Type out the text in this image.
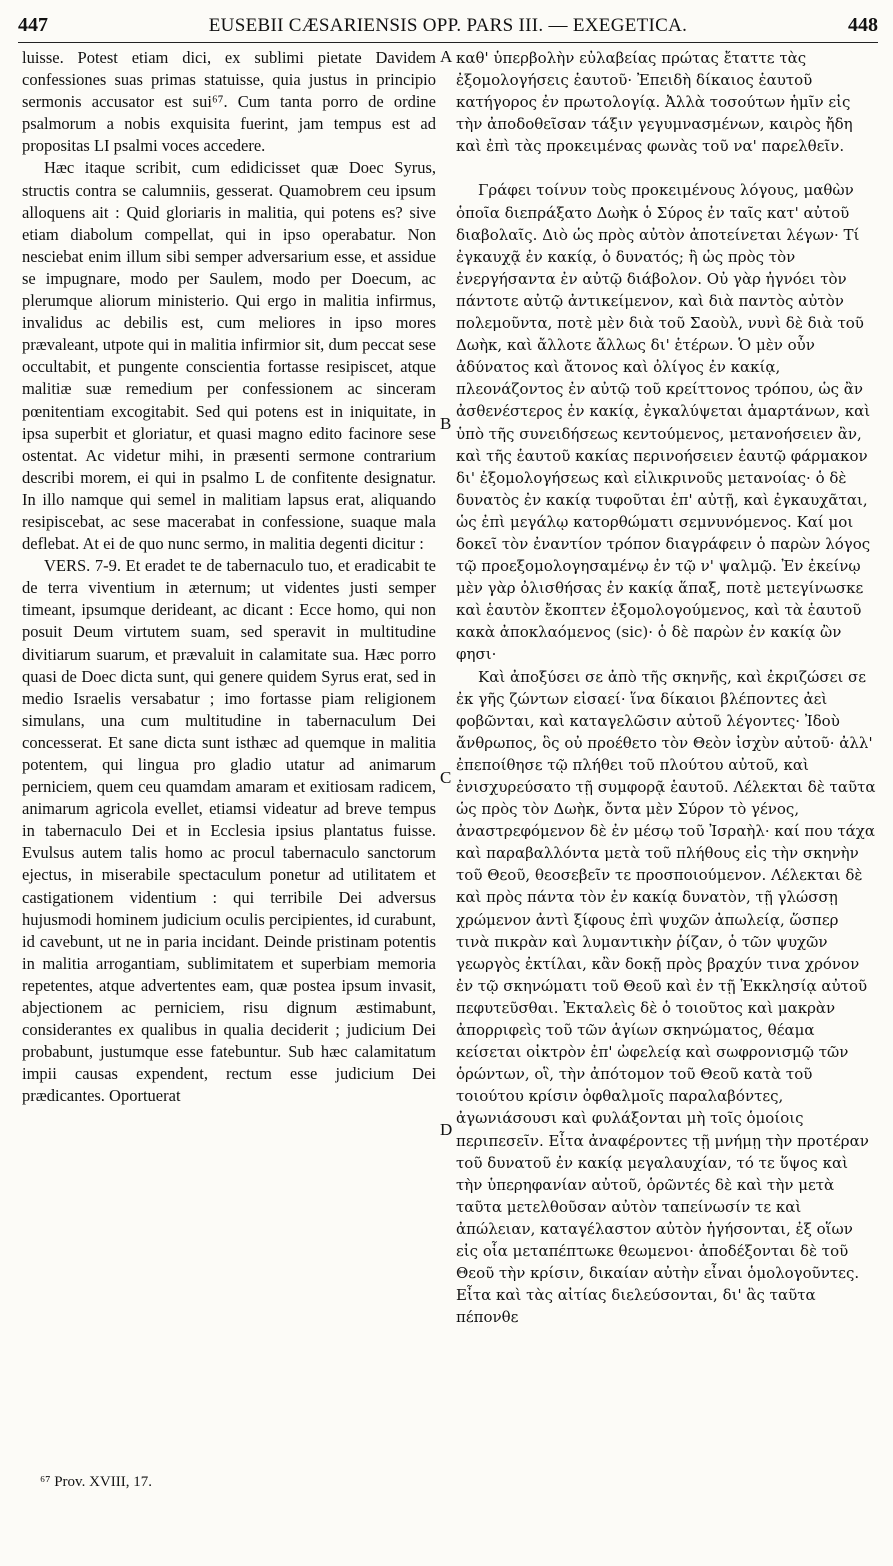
447	EUSEBII CÆSARIENSIS OPP. PARS III. — EXEGETICA.	448

luisse. Potest etiam dici, ex sublimi pietate Davidem confessiones suas primas statuisse, quia justus in principio sermonis accusator est sui⁶⁷. Cum tanta porro de ordine psalmorum a nobis exquisita fuerint, jam tempus est ad propositas LI psalmi voces accedere.

Hæc itaque scribit, cum edidicisset quæ Doec Syrus, structis contra se calumniis, gesserat. Quamobrem ceu ipsum alloquens ait : Quid gloriaris in malitia, qui potens es? sive etiam diabolum compellat, qui in ipso operabatur. Non nesciebat enim illum sibi semper adversarium esse, et assidue se impugnare, modo per Saulem, modo per Doecum, ac plerumque aliorum ministerio. Qui ergo in malitia infirmus, invalidus ac debilis est, cum meliores in ipso mores prævaleant, utpote qui in malitia infirmior sit, dum peccat sese occultabit, et pungente conscientia fortasse resipiscet, atque malitiæ suæ remedium per confessionem ac sinceram pœnitentiam excogitabit. Sed qui potens est in iniquitate, in ipsa superbit et gloriatur, et quasi magno edito facinore sese ostentat. Ac videtur mihi, in præsenti sermone contrarium describi morem, ei qui in psalmo L de confitente designatur. In illo namque qui semel in malitiam lapsus erat, aliquando resipiscebat, ac sese macerabat in confessione, suaque mala deflebat. At ei de quo nunc sermo, in malitia degenti dicitur :

VERS. 7-9. Et eradet te de tabernaculo tuo, et eradicabit te de terra viventium in æternum; ut videntes justi semper timeant, ipsumque derideant, ac dicant : Ecce homo, qui non posuit Deum virtutem suam, sed speravit in multitudine divitiarum suarum, et prævaluit in calamitate sua. Hæc porro quasi de Doec dicta sunt, qui genere quidem Syrus erat, sed in medio Israelis versabatur ; imo fortasse piam religionem simulans, una cum multitudine in tabernaculum Dei concesserat. Et sane dicta sunt isthæc ad quemque in malitia potentem, qui lingua pro gladio utatur ad animarum perniciem, quem ceu quamdam amaram et exitiosam radicem, animarum agricola evellet, etiamsi videatur ad breve tempus in tabernaculo Dei et in Ecclesia ipsius plantatus fuisse. Evulsus autem talis homo ac procul tabernaculo sanctorum ejectus, in miserabile spectaculum ponetur ad utilitatem et castigationem videntium : qui terribile Dei adversus hujusmodi hominem judicium oculis percipientes, id curabunt, id cavebunt, ut ne in paria incidant. Deinde pristinam potentis in malitia arrogantiam, sublimitatem et superbiam memoria repetentes, atque advertentes eam, quæ postea ipsum invasit, abjectionem ac perniciem, risu dignum æstimabunt, considerantes ex qualibus in qualia deciderit ; judicium Dei probabunt, justumque esse fatebuntur. Sub hæc calamitatum impii causas expendent, rectum esse judicium Dei prædicantes. Oportuerat

A
B
C
D

καθ' ὑπερβολὴν εὐλαβείας πρώτας ἔταττε τὰς ἐξομολογήσεις ἑαυτοῦ· Ἐπειδὴ δίκαιος ἑαυτοῦ κατήγορος ἐν πρωτολογίᾳ. Ἀλλὰ τοσούτων ἡμῖν εἰς τὴν ἀποδοθεῖσαν τάξιν γεγυμνασμένων, καιρὸς ἤδη καὶ ἐπὶ τὰς προκειμένας φωνὰς τοῦ να' παρελθεῖν.

Γράφει τοίνυν τοὺς προκειμένους λόγους, μαθὼν ὁποῖα διεπράξατο Δωὴκ ὁ Σύρος ἐν ταῖς κατ' αὐτοῦ διαβολαῖς. Διὸ ὡς πρὸς αὐτὸν ἀποτείνεται λέγων· Τί ἐγκαυχᾷ ἐν κακίᾳ, ὁ δυνατός; ἢ ὡς πρὸς τὸν ἐνεργήσαντα ἐν αὐτῷ διάβολον. Οὐ γὰρ ἠγνόει τὸν πάντοτε αὐτῷ ἀντικείμενον, καὶ διὰ παντὸς αὐτὸν πολεμοῦντα, ποτὲ μὲν διὰ τοῦ Σαοὺλ, νυνὶ δὲ διὰ τοῦ Δωὴκ, καὶ ἄλλοτε ἄλλως δι' ἑτέρων. Ὁ μὲν οὖν ἀδύνατος καὶ ἄτονος καὶ ὀλίγος ἐν κακίᾳ, πλεονάζοντος ἐν αὐτῷ τοῦ κρείττονος τρόπου, ὡς ἂν ἀσθενέστερος ἐν κακίᾳ, ἐγκαλύψεται ἁμαρτάνων, καὶ ὑπὸ τῆς συνειδήσεως κεντούμενος, μετανοήσειεν ἂν, καὶ τῆς ἑαυτοῦ κακίας περινοήσειεν ἑαυτῷ φάρμακον δι' ἐξομολογήσεως καὶ εἰλικρινοῦς μετανοίας· ὁ δὲ δυνατὸς ἐν κακίᾳ τυφοῦται ἐπ' αὐτῇ, καὶ ἐγκαυχᾶται, ὡς ἐπὶ μεγάλῳ κατορθώματι σεμνυνόμενος. Καί μοι δοκεῖ τὸν ἐναντίον τρόπον διαγράφειν ὁ παρὼν λόγος τῷ προεξομολογησαμένῳ ἐν τῷ ν' ψαλμῷ. Ἐν ἐκείνῳ μὲν γὰρ ὀλισθήσας ἐν κακίᾳ ἅπαξ, ποτὲ μετεγίνωσκε καὶ ἑαυτὸν ἔκοπτεν ἐξομολογούμενος, καὶ τὰ ἑαυτοῦ κακὰ ἀποκλαόμενος (sic)· ὁ δὲ παρὼν ἐν κακίᾳ ὢν φησι·

Καὶ ἀποξύσει σε ἀπὸ τῆς σκηνῆς, καὶ ἐκριζώσει σε ἐκ γῆς ζώντων εἰσαεί· ἵνα δίκαιοι βλέποντες ἀεὶ φοβῶνται, καὶ καταγελῶσιν αὐτοῦ λέγοντες· Ἰδοὺ ἄνθρωπος, ὃς οὐ προέθετο τὸν Θεὸν ἰσχὺν αὐτοῦ· ἀλλ' ἐπεποίθησε τῷ πλήθει τοῦ πλούτου αὐτοῦ, καὶ ἐνισχυρεύσατο τῇ συμφορᾷ ἑαυτοῦ. Λέλεκται δὲ ταῦτα ὡς πρὸς τὸν Δωὴκ, ὄντα μὲν Σύρον τὸ γένος, ἀναστρεφόμενον δὲ ἐν μέσῳ τοῦ Ἰσραὴλ· καί που τάχα καὶ παραβαλλόντα μετὰ τοῦ πλήθους εἰς τὴν σκηνὴν τοῦ Θεοῦ, θεοσεβεῖν τε προσποιούμενον. Λέλεκται δὲ καὶ πρὸς πάντα τὸν ἐν κακίᾳ δυνατὸν, τῇ γλώσσῃ χρώμενον ἀντὶ ξίφους ἐπὶ ψυχῶν ἀπωλείᾳ, ὥσπερ τινὰ πικρὰν καὶ λυμαντικὴν ῥίζαν, ὁ τῶν ψυχῶν γεωργὸς ἐκτίλαι, κἂν δοκῇ πρὸς βραχύν τινα χρόνον ἐν τῷ σκηνώματι τοῦ Θεοῦ καὶ ἐν τῇ Ἐκκλησίᾳ αὐτοῦ πεφυτεῦσθαι. Ἐκταλεὶς δὲ ὁ τοιοῦτος καὶ μακρὰν ἀπορριφεὶς τοῦ τῶν ἁγίων σκηνώματος, θέαμα κείσεται οἰκτρὸν ἐπ' ὠφελείᾳ καὶ σωφρονισμῷ τῶν ὁρώντων, οἳ, τὴν ἀπότομον τοῦ Θεοῦ κατὰ τοῦ τοιούτου κρίσιν ὀφθαλμοῖς παραλαβόντες, ἀγωνιάσουσι καὶ φυλάξονται μὴ τοῖς ὁμοίοις περιπεσεῖν. Εἶτα ἀναφέροντες τῇ μνήμῃ τὴν προτέραν τοῦ δυνατοῦ ἐν κακίᾳ μεγαλαυχίαν, τό τε ὕψος καὶ τὴν ὑπερηφανίαν αὐτοῦ, ὁρῶντές δὲ καὶ τὴν μετὰ ταῦτα μετελθοῦσαν αὐτὸν ταπείνωσίν τε καὶ ἀπώλειαν, καταγέλαστον αὐτὸν ἡγήσονται, ἐξ οἵων εἰς οἷα μεταπέπτωκε θεωμενοι· ἀποδέξονται δὲ τοῦ Θεοῦ τὴν κρίσιν, δικαίαν αὐτὴν εἶναι ὁμολογοῦντες. Εἶτα καὶ τὰς αἰτίας διελεύσονται, δι' ἃς ταῦτα πέπονθε

⁶⁷ Prov. XVIII, 17.
